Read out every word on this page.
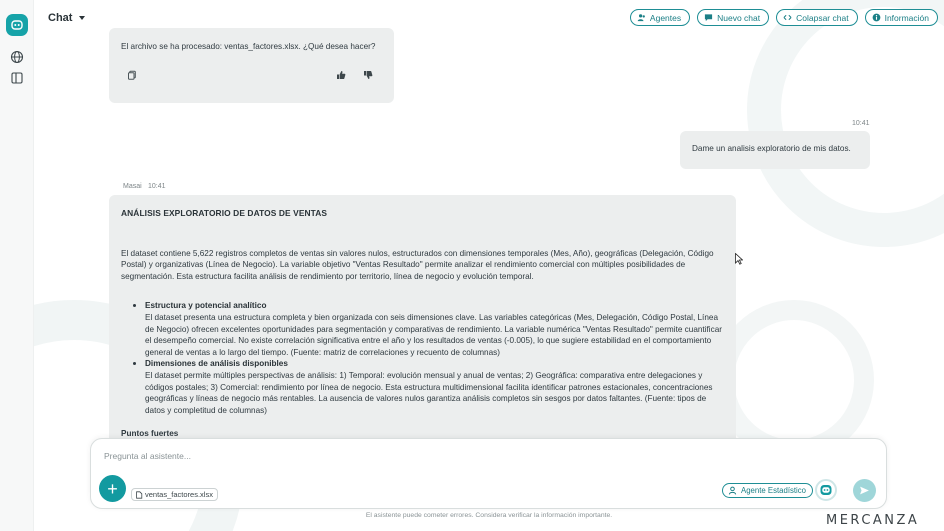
Chat	Agentes	Nuevo chat	Colapsar chat	Información
El archivo se ha procesado: ventas_factores.xlsx. ¿Qué desea hacer?
10:41
Dame un analisis exploratorio de mis datos.
Masai 10:41
ANÁLISIS EXPLORATORIO DE DATOS DE VENTAS

El dataset contiene 5,622 registros completos de ventas sin valores nulos, estructurados con dimensiones temporales (Mes, Año), geográficas (Delegación, Código Postal) y organizativas (Línea de Negocio). La variable objetivo "Ventas Resultado" permite analizar el rendimiento comercial con múltiples posibilidades de segmentación. Esta estructura facilita análisis de rendimiento por territorio, línea de negocio y evolución temporal.

Estructura y potencial analítico
El dataset presenta una estructura completa y bien organizada con seis dimensiones clave. Las variables categóricas (Mes, Delegación, Código Postal, Línea de Negocio) ofrecen excelentes oportunidades para segmentación y comparativas de rendimiento. La variable numérica "Ventas Resultado" permite cuantificar el desempeño comercial. No existe correlación significativa entre el año y los resultados de ventas (-0.005), lo que sugiere estabilidad en el comportamiento general de ventas a lo largo del tiempo. (Fuente: matriz de correlaciones y recuento de columnas)
Dimensiones de análisis disponibles
El dataset permite múltiples perspectivas de análisis: 1) Temporal: evolución mensual y anual de ventas; 2) Geográfica: comparativa entre delegaciones y códigos postales; 3) Comercial: rendimiento por línea de negocio. Esta estructura multidimensional facilita identificar patrones estacionales, concentraciones geográficas y líneas de negocio más rentables. La ausencia de valores nulos garantiza análisis completos sin sesgos por datos faltantes. (Fuente: tipos de datos y completitud de columnas)
Puntos fuertes
Pregunta al asistente...
+	ventas_factores.xlsx	Agente Estadístico
El asistente puede cometer errores. Considera verificar la información importante.	MERCANZA
